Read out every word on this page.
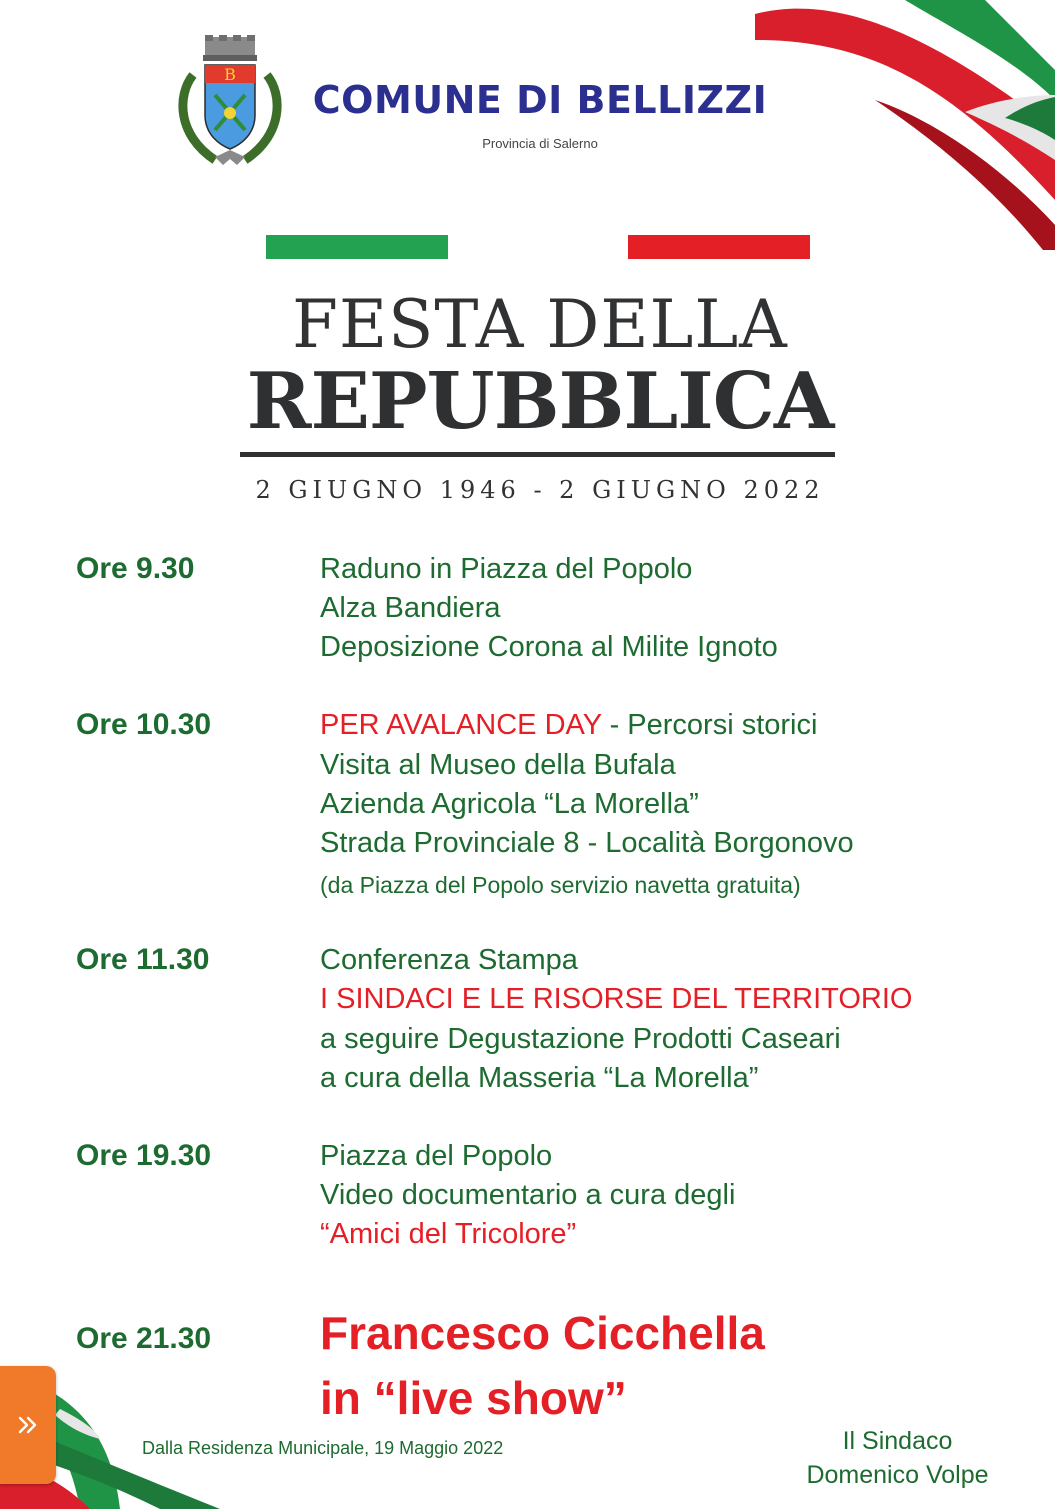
B
COMUNE DI BELLIZZI
Provincia di Salerno
FESTA DELLA
REPUBBLICA
2 GIUGNO 1946 - 2 GIUGNO 2022
Ore 9.30	Raduno in Piazza del Popolo
Alza Bandiera
Deposizione Corona al Milite Ignoto
Ore 10.30	PER AVALANCE DAY - Percorsi storici
Visita al Museo della Bufala
Azienda Agricola “La Morella”
Strada Provinciale 8 - Località Borgonovo
(da Piazza del Popolo servizio navetta gratuita)
Ore 11.30	Conferenza Stampa
I SINDACI E LE RISORSE DEL TERRITORIO
a seguire Degustazione Prodotti Caseari
a cura della Masseria “La Morella”
Ore 19.30	Piazza del Popolo
Video documentario a cura degli
“Amici del Tricolore”
Ore 21.30 Francesco Cicchella
in “live show”
Dalla Residenza Municipale, 19 Maggio 2022	Il Sindaco
Domenico Volpe
